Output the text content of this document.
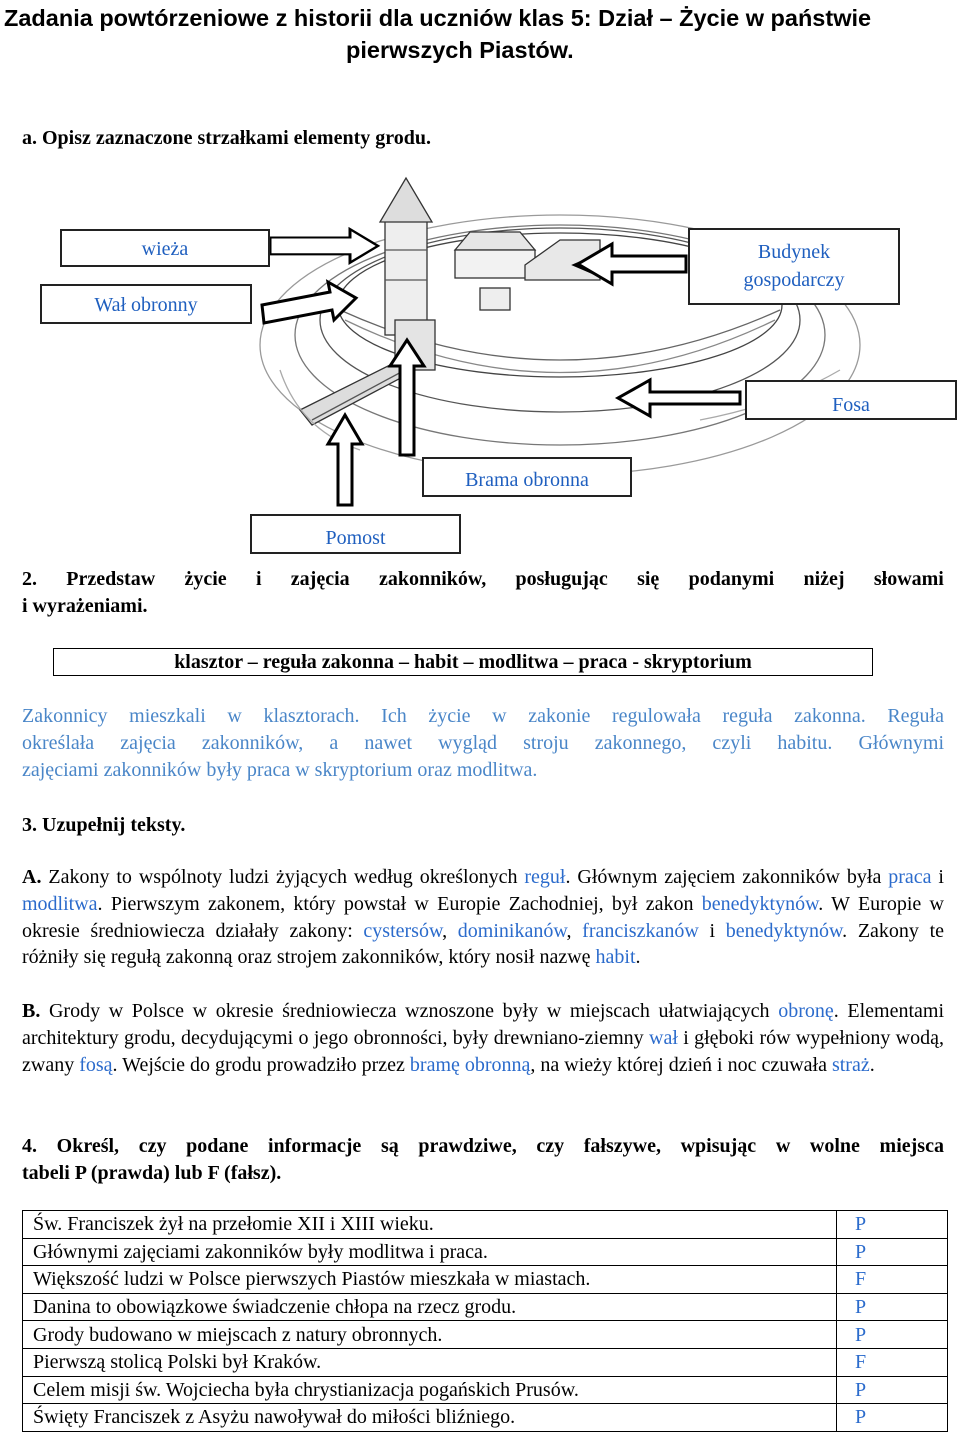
Zadania powtórzeniowe z historii dla uczniów klas 5: Dział – Życie w państwie
pierwszych Piastów.
a. Opisz zaznaczone strzałkami elementy grodu.
wieża
Wał obronny
Budynek
gospodarczy
Fosa
Brama obronna
Pomost
2. Przedstaw życie i zajęcia zakonników, posługując się podanymi niżej słowami
i wyrażeniami.
klasztor – reguła zakonna – habit – modlitwa – praca - skryptorium
Zakonnicy mieszkali w klasztorach. Ich życie w zakonie regulowała reguła zakonna. Reguła
określała zajęcia zakonników, a nawet wygląd stroju zakonnego, czyli habitu. Głównymi
zajęciami zakonników były praca w skryptorium oraz modlitwa.
3. Uzupełnij teksty.
A. Zakony to wspólnoty ludzi żyjących według określonych reguł. Głównym zajęciem zakonników była praca i modlitwa. Pierwszym zakonem, który powstał w Europie Zachodniej, był zakon benedyktynów. W Europie w okresie średniowiecza działały zakony: cystersów, dominikanów, franciszkanów i benedyktynów. Zakony te różniły się regułą zakonną oraz strojem zakonników, który nosił nazwę habit.
B. Grody w Polsce w okresie średniowiecza wznoszone były w miejscach ułatwiających obronę. Elementami architektury grodu, decydującymi o jego obronności, były drewniano-ziemny wał i głęboki rów wypełniony wodą, zwany fosą. Wejście do grodu prowadziło przez bramę obronną, na wieży której dzień i noc czuwała straż.
4. Określ, czy podane informacje są prawdziwe, czy fałszywe, wpisując w wolne miejsca
tabeli P (prawda) lub F (fałsz).
Św. Franciszek żył na przełomie XII i XIII wieku.	P
Głównymi zajęciami zakonników były modlitwa i praca.	P
Większość ludzi w Polsce pierwszych Piastów mieszkała w miastach.	F
Danina to obowiązkowe świadczenie chłopa na rzecz grodu.	P
Grody budowano w miejscach z natury obronnych.	P
Pierwszą stolicą Polski był Kraków.	F
Celem misji św. Wojciecha była chrystianizacja pogańskich Prusów.	P
Święty Franciszek z Asyżu nawoływał do miłości bliźniego.	P
